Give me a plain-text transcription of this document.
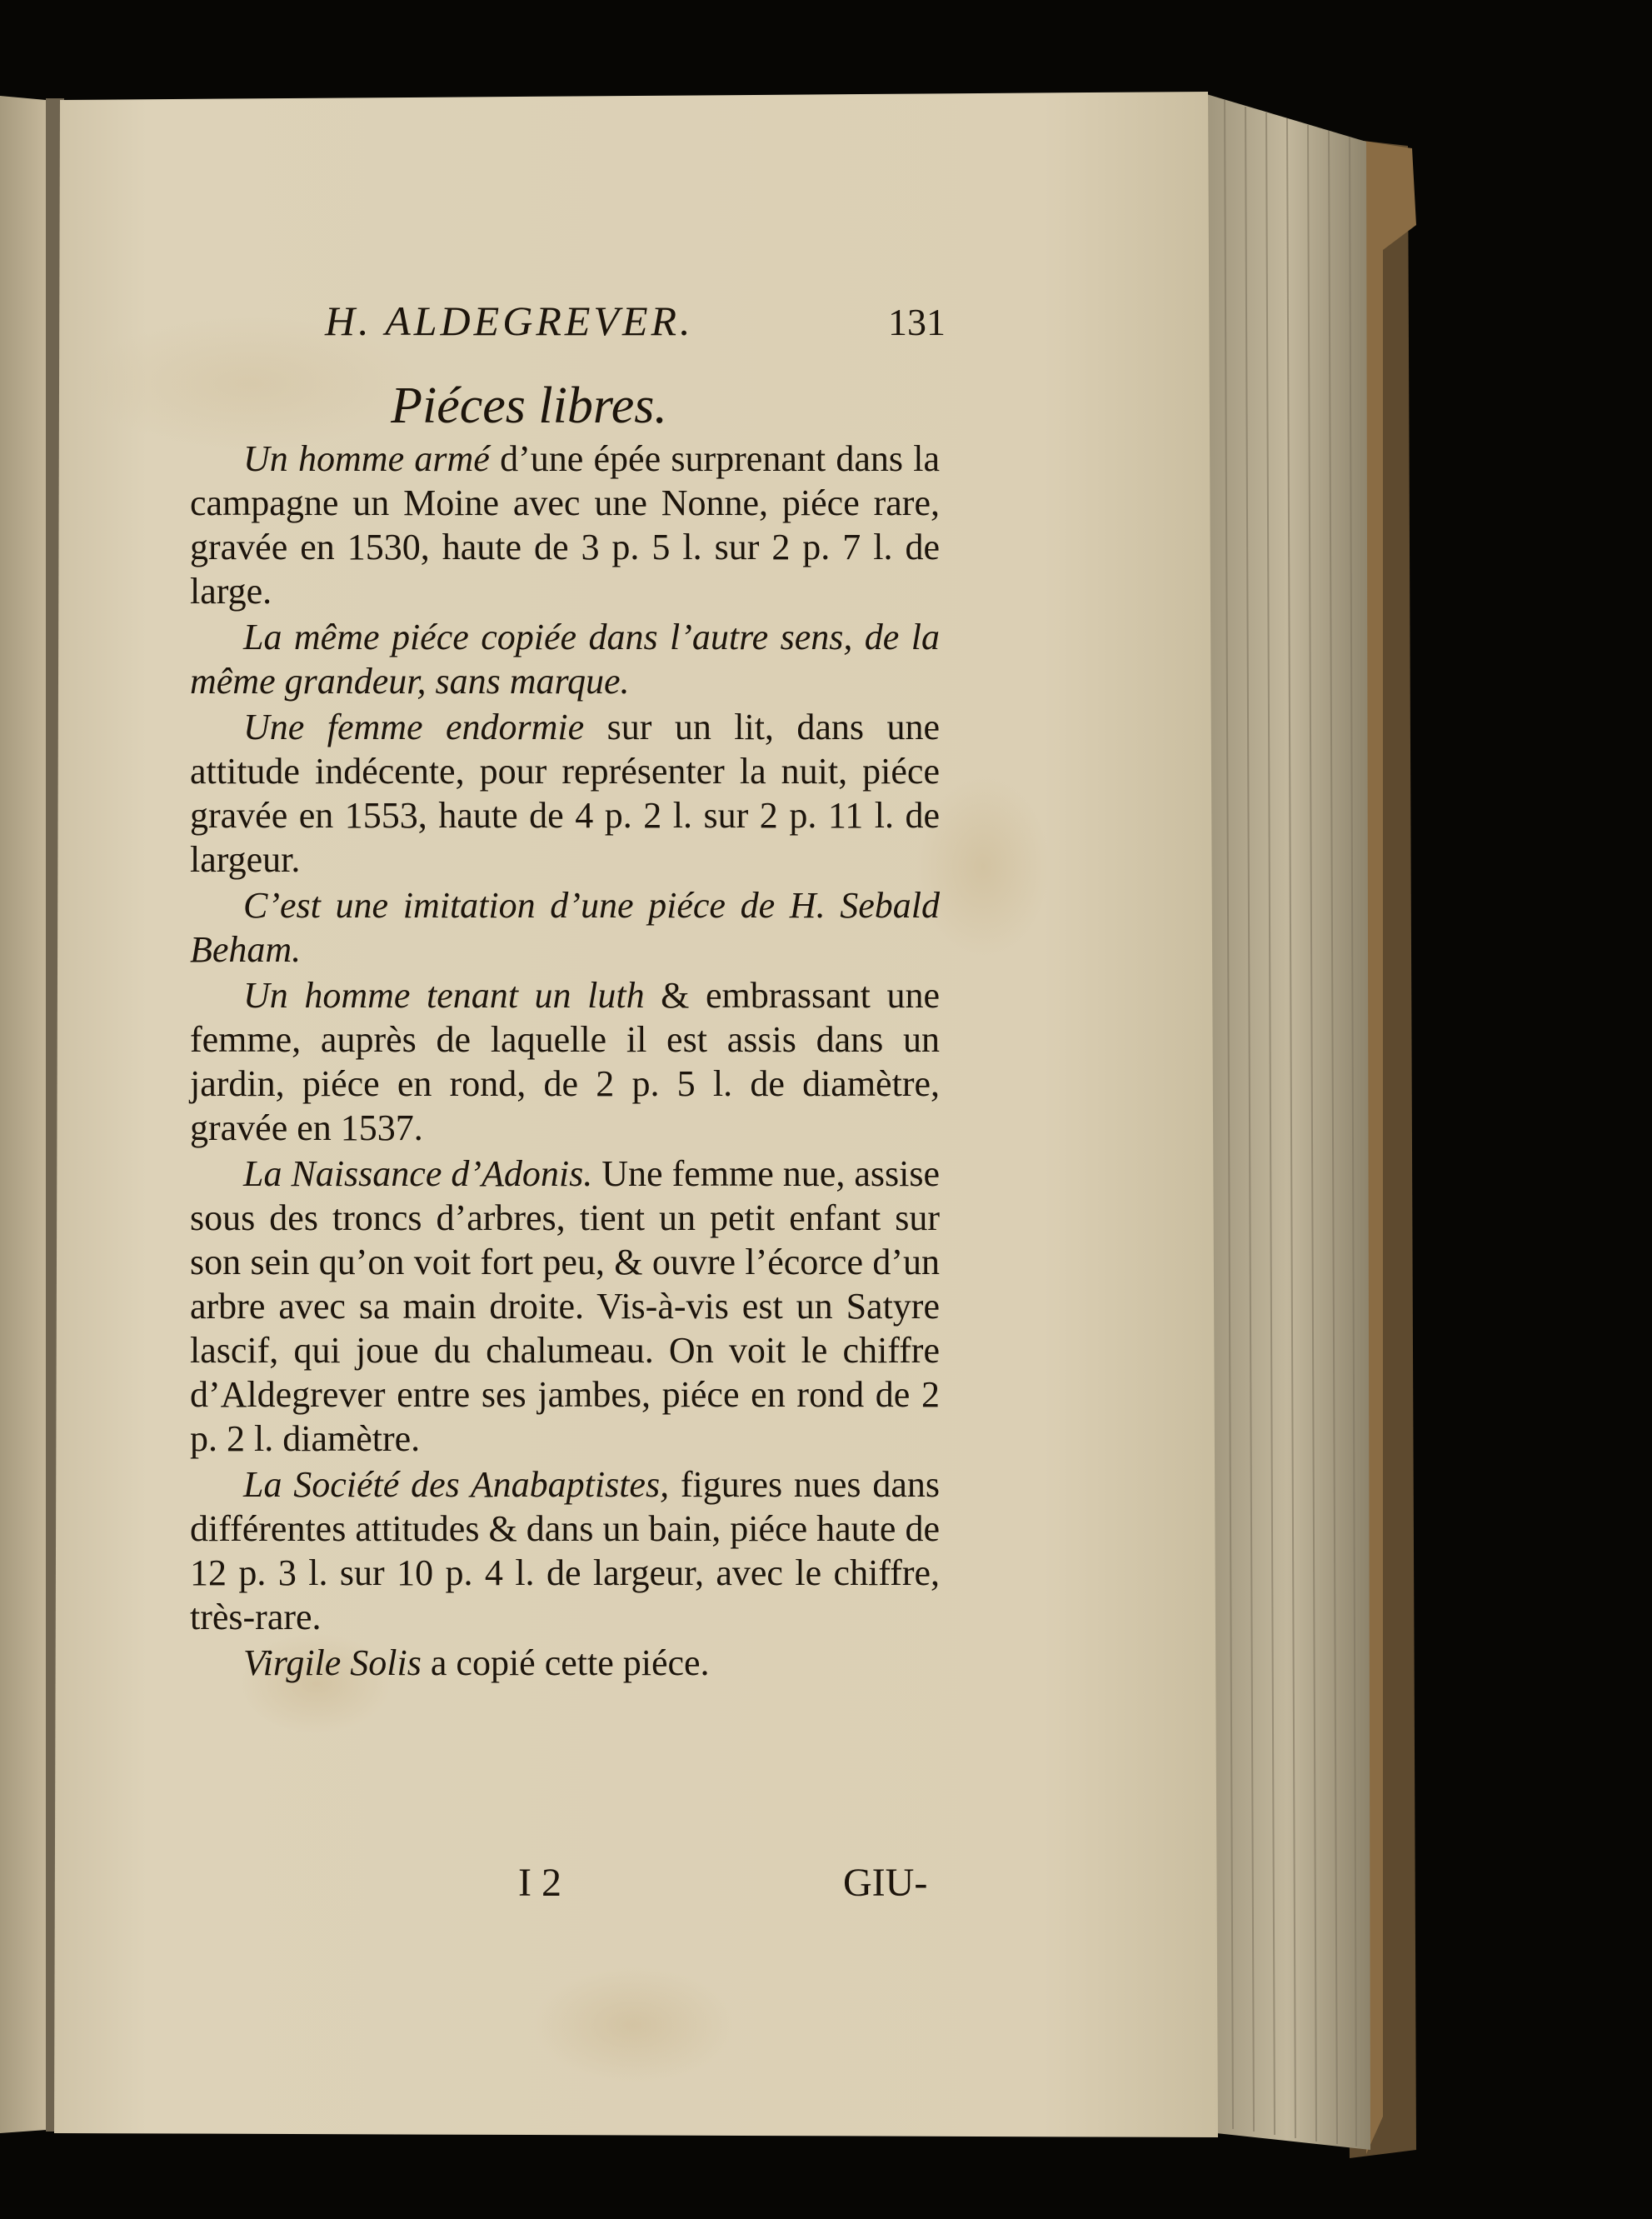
H. ALDEGREVER.	131
Piéces libres.

Un homme armé d’une épée surprenant dans la campagne un Moine avec une Nonne, piéce rare, gravée en 1530, haute de 3 p. 5 l. sur 2 p. 7 l. de large.

La même piéce copiée dans l’autre sens, de la même grandeur, sans marque.

Une femme endormie sur un lit, dans une attitude indécente, pour représenter la nuit, piéce gravée en 1553, haute de 4 p. 2 l. sur 2 p. 11 l. de largeur.

C’est une imitation d’une piéce de H. Sebald Beham.

Un homme tenant un luth & embrassant une femme, auprès de laquelle il est assis dans un jardin, piéce en rond, de 2 p. 5 l. de diamètre, gravée en 1537.

La Naissance d’Adonis. Une femme nue, assise sous des troncs d’arbres, tient un petit enfant sur son sein qu’on voit fort peu, & ouvre l’écorce d’un arbre avec sa main droite. Vis-à-vis est un Satyre lascif, qui joue du chalumeau. On voit le chiffre d’Aldegrever entre ses jambes, piéce en rond de 2 p. 2 l. diamètre.

La Société des Anabaptistes, figures nues dans différentes attitudes & dans un bain, piéce haute de 12 p. 3 l. sur 10 p. 4 l. de largeur, avec le chiffre, très-rare.

Virgile Solis a copié cette piéce.

I 2	GIU-
